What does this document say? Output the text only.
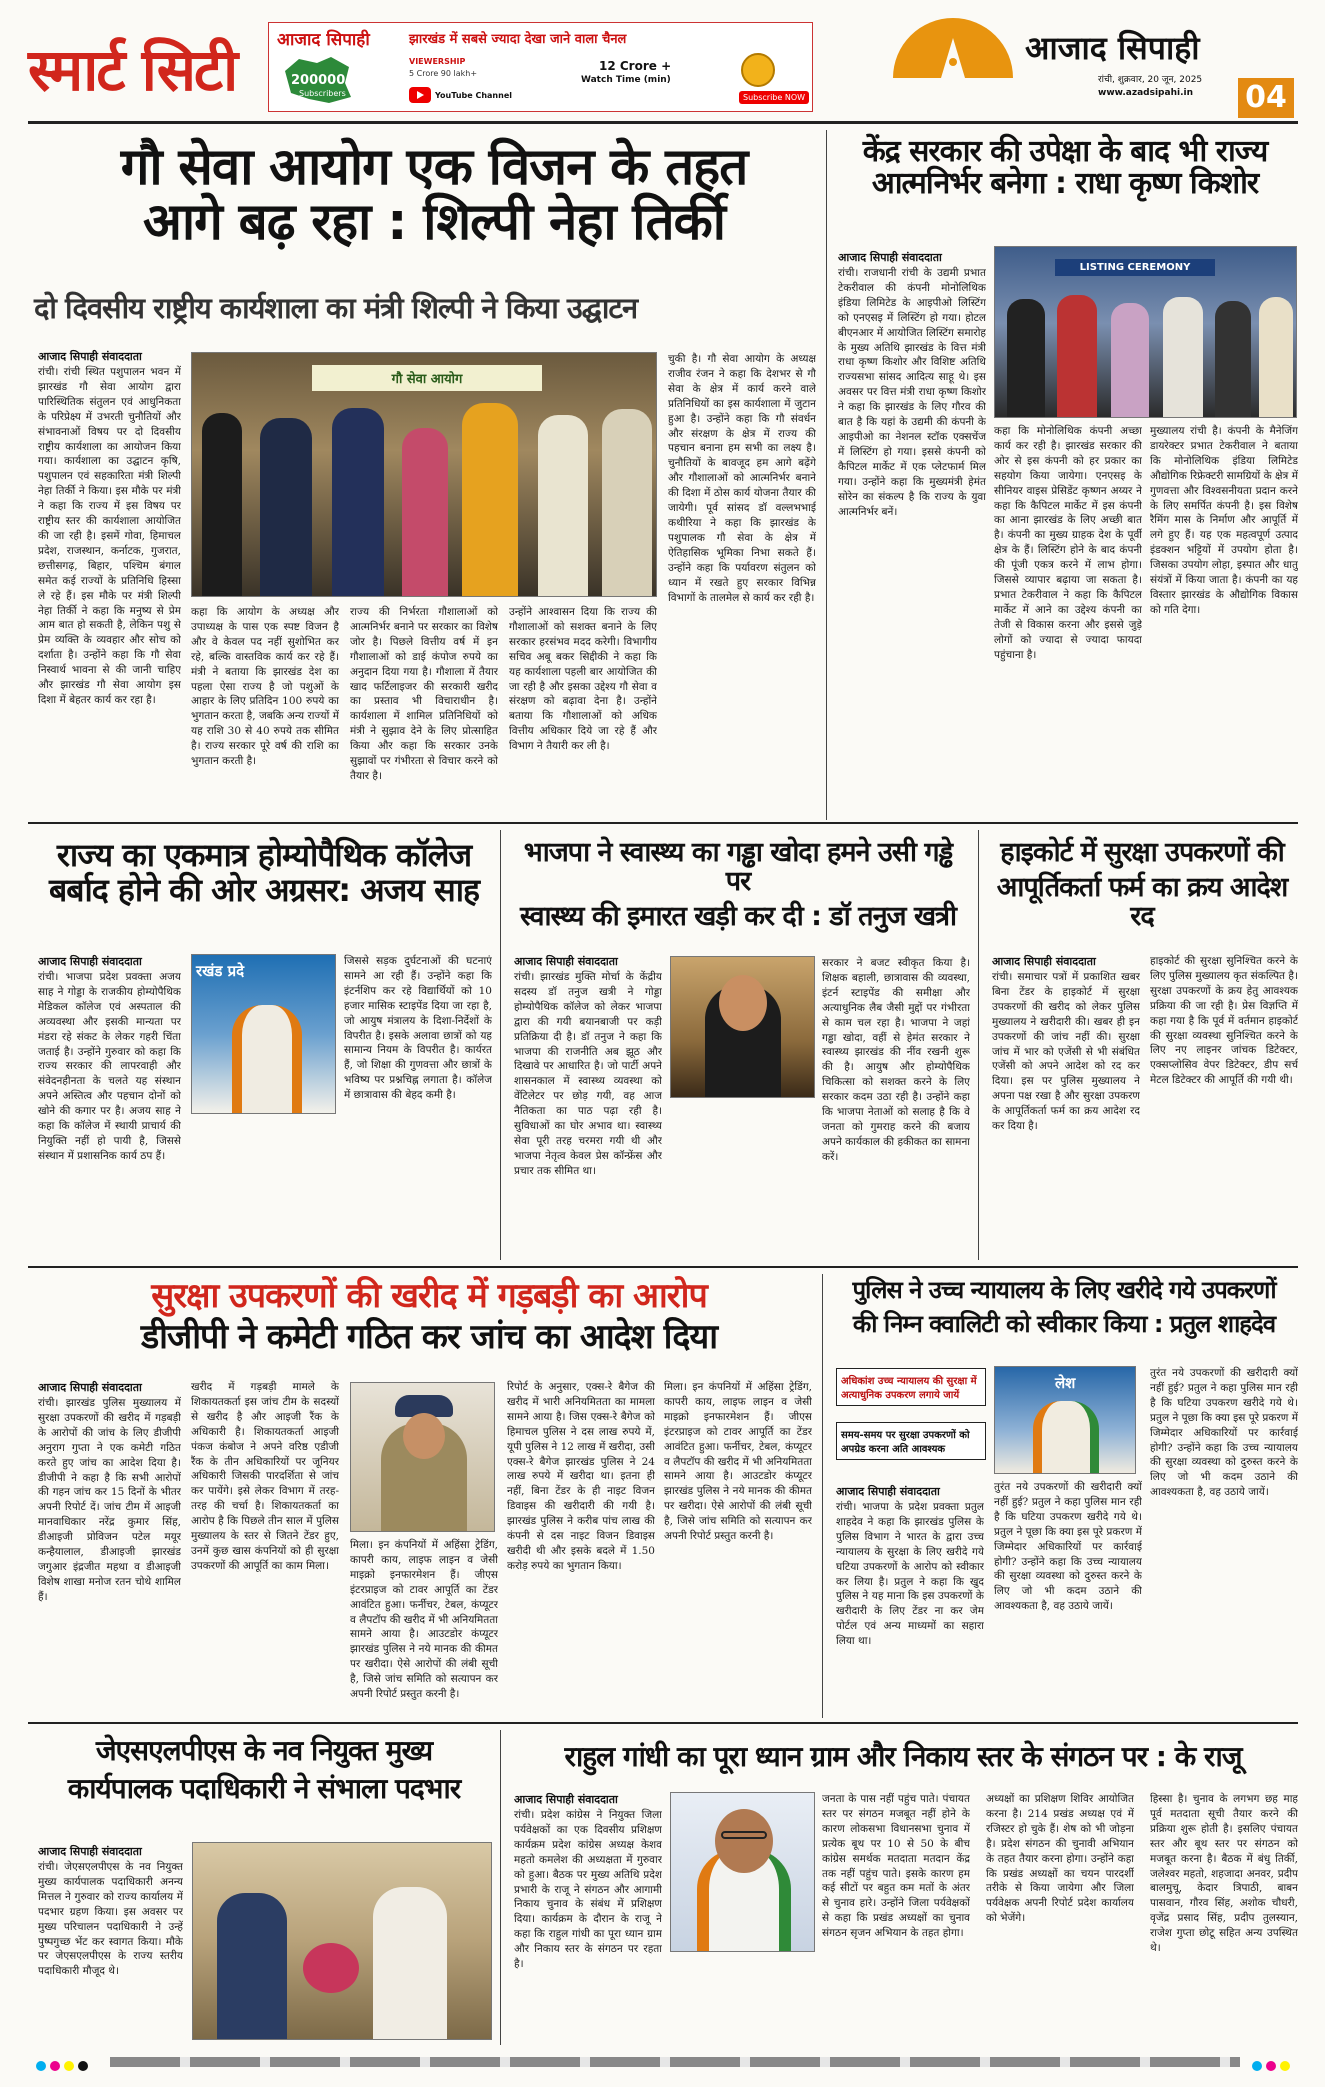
स्मार्ट सिटी आजाद सिपाही	झारखंड में सबसे ज्यादा देखा जाने वाला चैनल
200000
Subscribers
VIEWERSHIP
5 Crore 90 lakh+
YouTube Channel
12 Crore +
Watch Time (min)
Subscribe NOW
आजाद सिपाही
रांची, शुक्रवार, 20 जून, 2025
www.azadsipahi.in 04
गौ सेवा आयोग एक विजन के तहत
आगे बढ़ रहा : शिल्पी नेहा तिर्की
दो दिवसीय राष्ट्रीय कार्यशाला का मंत्री शिल्पी ने किया उद्घाटन
आजाद सिपाही संवाददाता
रांची। रांची स्थित पशुपालन भवन में झारखंड गौ सेवा आयोग द्वारा पारिस्थितिक संतुलन एवं आधुनिकता के परिप्रेक्ष्य में उभरती चुनौतियों और संभावनाओं विषय पर दो दिवसीय राष्ट्रीय कार्यशाला का आयोजन किया गया। कार्यशाला का उद्घाटन कृषि, पशुपालन एवं सहकारिता मंत्री शिल्पी नेहा तिर्की ने किया। इस मौके पर मंत्री ने कहा कि राज्य में इस विषय पर राष्ट्रीय स्तर की कार्यशाला आयोजित की जा रही है। इसमें गोवा, हिमाचल प्रदेश, राजस्थान, कर्नाटक, गुजरात, छत्तीसगढ़, बिहार, पश्चिम बंगाल समेत कई राज्यों के प्रतिनिधि हिस्सा ले रहे हैं। इस मौके पर मंत्री शिल्पी नेहा तिर्की ने कहा कि मनुष्य से प्रेम आम बात हो सकती है, लेकिन पशु से प्रेम व्यक्ति के व्यवहार और सोच को दर्शाता है। उन्होंने कहा कि गौ सेवा निस्वार्थ भावना से की जानी चाहिए और झारखंड गौ सेवा आयोग इस दिशा में बेहतर कार्य कर रहा है।
गौ सेवा आयोग
कहा कि आयोग के अध्यक्ष और उपाध्यक्ष के पास एक स्पष्ट विजन है और वे केवल पद नहीं सुशोभित कर रहे, बल्कि वास्तविक कार्य कर रहे हैं। मंत्री ने बताया कि झारखंड देश का पहला ऐसा राज्य है जो पशुओं के आहार के लिए प्रतिदिन 100 रुपये का भुगतान करता है, जबकि अन्य राज्यों में यह राशि 30 से 40 रुपये तक सीमित है। राज्य सरकार पूरे वर्ष की राशि का भुगतान करती है।
राज्य की निर्भरता गौशालाओं को आत्मनिर्भर बनाने पर सरकार का विशेष जोर है। पिछले वित्तीय वर्ष में इन गौशालाओं को डाई कंपोज रुपये का अनुदान दिया गया है। गौशाला में तैयार खाद फर्टिलाइजर की सरकारी खरीद का प्रस्ताव भी विचाराधीन है। कार्यशाला में शामिल प्रतिनिधियों को मंत्री ने सुझाव देने के लिए प्रोत्साहित किया और कहा कि सरकार उनके सुझावों पर गंभीरता से विचार करने को तैयार है।
उन्होंने आश्वासन दिया कि राज्य की गौशालाओं को सशक्त बनाने के लिए सरकार हरसंभव मदद करेगी। विभागीय सचिव अबू बकर सिद्दीकी ने कहा कि यह कार्यशाला पहली बार आयोजित की जा रही है और इसका उद्देश्य गौ सेवा व संरक्षण को बढ़ावा देना है। उन्होंने बताया कि गौशालाओं को अधिक वित्तीय अधिकार दिये जा रहे हैं और विभाग ने तैयारी कर ली है।
चुकी है। गौ सेवा आयोग के अध्यक्ष राजीव रंजन ने कहा कि देशभर से गौ सेवा के क्षेत्र में कार्य करने वाले प्रतिनिधियों का इस कार्यशाला में जुटान हुआ है। उन्होंने कहा कि गौ संवर्धन और संरक्षण के क्षेत्र में राज्य की पहचान बनाना हम सभी का लक्ष्य है। चुनौतियों के बावजूद हम आगे बढ़ेंगे और गौशालाओं को आत्मनिर्भर बनाने की दिशा में ठोस कार्य योजना तैयार की जायेगी। पूर्व सांसद डॉ वल्लभभाई कथीरिया ने कहा कि झारखंड के पशुपालक गौ सेवा के क्षेत्र में ऐतिहासिक भूमिका निभा सकते हैं। उन्होंने कहा कि पर्यावरण संतुलन को ध्यान में रखते हुए सरकार विभिन्न विभागों के तालमेल से कार्य कर रही है।
केंद्र सरकार की उपेक्षा के बाद भी राज्य
आत्मनिर्भर बनेगा : राधा कृष्ण किशोर
आजाद सिपाही संवाददाता
रांची। राजधानी रांची के उद्यमी प्रभात टेकरीवाल की कंपनी मोनोलिथिक इंडिया लिमिटेड के आइपीओ लिस्टिंग को एनएसइ में लिस्टिंग हो गया। होटल बीएनआर में आयोजित लिस्टिंग समारोह के मुख्य अतिथि झारखंड के वित्त मंत्री राधा कृष्ण किशोर और विशिष्ट अतिथि राज्यसभा सांसद आदित्य साहू थे। इस अवसर पर वित्त मंत्री राधा कृष्ण किशोर ने कहा कि झारखंड के लिए गौरव की बात है कि यहां के उद्यमी की कंपनी के आइपीओ का नेशनल स्टॉक एक्सचेंज में लिस्टिंग हो गया। इससे कंपनी को कैपिटल मार्केट में एक प्लेटफार्म मिल गया। उन्होंने कहा कि मुख्यमंत्री हेमंत सोरेन का संकल्प है कि राज्य के युवा आत्मनिर्भर बनें।
LISTING CEREMONY
कहा कि मोनोलिथिक कंपनी अच्छा कार्य कर रही है। झारखंड सरकार की ओर से इस कंपनी को हर प्रकार का सहयोग किया जायेगा। एनएसइ के सीनियर वाइस प्रेसिडेंट कृष्णन अय्यर ने कहा कि कैपिटल मार्केट में इस कंपनी का आना झारखंड के लिए अच्छी बात है। कंपनी का मुख्य ग्राहक देश के पूर्वी क्षेत्र के हैं। लिस्टिंग होने के बाद कंपनी की पूंजी एकत्र करने में लाभ होगा। जिससे व्यापार बढ़ाया जा सकता है। प्रभात टेकरीवाल ने कहा कि कैपिटल मार्केट में आने का उद्देश्य कंपनी का तेजी से विकास करना और इससे जुड़े लोगों को ज्यादा से ज्यादा फायदा पहुंचाना है।
मुख्यालय रांची है। कंपनी के मैनेजिंग डायरेक्टर प्रभात टेकरीवाल ने बताया कि मोनोलिथिक इंडिया लिमिटेड औद्योगिक रिफ्रेक्टरी सामग्रियों के क्षेत्र में गुणवत्ता और विश्वसनीयता प्रदान करने के लिए समर्पित कंपनी है। इस विशेष रैमिंग मास के निर्माण और आपूर्ति में लगे हुए हैं। यह एक महत्वपूर्ण उत्पाद इंडक्शन भट्टियों में उपयोग होता है। जिसका उपयोग लोहा, इस्पात और धातु संयंत्रों में किया जाता है। कंपनी का यह विस्तार झारखंड के औद्योगिक विकास को गति देगा।
राज्य का एकमात्र होम्योपैथिक कॉलेज
बर्बाद होने की ओर अग्रसर: अजय साह
आजाद सिपाही संवाददाता
रांची। भाजपा प्रदेश प्रवक्ता अजय साह ने गोड्डा के राजकीय होम्योपैथिक मेडिकल कॉलेज एवं अस्पताल की अव्यवस्था और इसकी मान्यता पर मंडरा रहे संकट के लेकर गहरी चिंता जताई है। उन्होंने गुरुवार को कहा कि राज्य सरकार की लापरवाही और संवेदनहीनता के चलते यह संस्थान अपने अस्तित्व और पहचान दोनों को खोने की कगार पर है। अजय साह ने कहा कि कॉलेज में स्थायी प्राचार्य की नियुक्ति नहीं हो पायी है, जिससे संस्थान में प्रशासनिक कार्य ठप हैं।
रखंड प्रदे
जिससे सड़क दुर्घटनाओं की घटनाएं सामने आ रही हैं। उन्होंने कहा कि इंटर्नशिप कर रहे विद्यार्थियों को 10 हजार मासिक स्टाइपेंड दिया जा रहा है, जो आयुष मंत्रालय के दिशा-निर्देशों के विपरीत है। इसके अलावा छात्रों को यह सामान्य नियम के विपरीत है। कार्यरत हैं, जो शिक्षा की गुणवत्ता और छात्रों के भविष्य पर प्रश्नचिह्न लगाता है। कॉलेज में छात्रावास की बेहद कमी है।
भाजपा ने स्वास्थ्य का गड्ढा खोदा हमने उसी गड्ढे पर
स्वास्थ्य की इमारत खड़ी कर दी : डॉ तनुज खत्री
आजाद सिपाही संवाददाता
रांची। झारखंड मुक्ति मोर्चा के केंद्रीय सदस्य डॉ तनुज खत्री ने गोड्डा होम्योपैथिक कॉलेज को लेकर भाजपा द्वारा की गयी बयानबाजी पर कड़ी प्रतिक्रिया दी है। डॉ तनुज ने कहा कि भाजपा की राजनीति अब झूठ और दिखावे पर आधारित है। जो पार्टी अपने शासनकाल में स्वास्थ्य व्यवस्था को वेंटिलेटर पर छोड़ गयी, वह आज नैतिकता का पाठ पढ़ा रही है। सुविधाओं का घोर अभाव था। स्वास्थ्य सेवा पूरी तरह चरमरा गयी थी और भाजपा नेतृत्व केवल प्रेस कॉन्फ्रेंस और प्रचार तक सीमित था।
सरकार ने बजट स्वीकृत किया है। शिक्षक बहाली, छात्रावास की व्यवस्था, इंटर्न स्टाइपेंड की समीक्षा और अत्याधुनिक लैब जैसी मुद्दों पर गंभीरता से काम चल रहा है। भाजपा ने जहां गड्ढा खोदा, वहीं से हेमंत सरकार ने स्वास्थ्य झारखंड की नींव रखनी शुरू की है। आयुष और होम्योपैथिक चिकित्सा को सशक्त करने के लिए सरकार कदम उठा रही है। उन्होंने कहा कि भाजपा नेताओं को सलाह है कि वे जनता को गुमराह करने की बजाय अपने कार्यकाल की हकीकत का सामना करें।
हाइकोर्ट में सुरक्षा उपकरणों की
आपूर्तिकर्ता फर्म का क्रय आदेश रद
आजाद सिपाही संवाददाता
रांची। समाचार पत्रों में प्रकाशित खबर बिना टेंडर के हाइकोर्ट में सुरक्षा उपकरणों की खरीद को लेकर पुलिस मुख्यालय ने खरीदारी की। खबर ही इन उपकरणों की जांच नहीं की। सुरक्षा जांच में भार को एजेंसी से भी संबंधित एजेंसी को अपने आदेश को रद कर दिया। इस पर पुलिस मुख्यालय ने अपना पक्ष रखा है और सुरक्षा उपकरण के आपूर्तिकर्ता फर्म का क्रय आदेश रद कर दिया है।
हाइकोर्ट की सुरक्षा सुनिश्चित करने के लिए पुलिस मुख्यालय कृत संकल्पित है। सुरक्षा उपकरणों के क्रय हेतु आवश्यक प्रक्रिया की जा रही है। प्रेस विज्ञप्ति में कहा गया है कि पूर्व में वर्तमान हाइकोर्ट की सुरक्षा व्यवस्था सुनिश्चित करने के लिए नए लाइनर जांचक डिटेक्टर, एक्सप्लोसिव वेपर डिटेक्टर, डीप सर्च मेटल डिटेक्टर की आपूर्ति की गयी थी।
सुरक्षा उपकरणों की खरीद में गड़बड़ी का आरोप
डीजीपी ने कमेटी गठित कर जांच का आदेश दिया
आजाद सिपाही संवाददाता
रांची। झारखंड पुलिस मुख्यालय में सुरक्षा उपकरणों की खरीद में गड़बड़ी के आरोपों की जांच के लिए डीजीपी अनुराग गुप्ता ने एक कमेटी गठित करते हुए जांच का आदेश दिया है। डीजीपी ने कहा है कि सभी आरोपों की गहन जांच कर 15 दिनों के भीतर अपनी रिपोर्ट दें। जांच टीम में आइजी मानवाधिकार नरेंद्र कुमार सिंह, डीआइजी प्रोविजन पटेल मयूर कन्हैयालाल, डीआइजी झारखंड जगुआर इंद्रजीत महथा व डीआइजी विशेष शाखा मनोज रतन चोथे शामिल हैं।
खरीद में गड़बड़ी मामले के शिकायतकर्ता इस जांच टीम के सदस्यों से खरीद है और आइजी रैंक के अधिकारी है। शिकायतकर्ता आइजी पंकज कंबोज ने अपने वरिष्ठ एडीजी रैंक के तीन अधिकारियों पर जूनियर अधिकारी जिसकी पारदर्शिता से जांच कर पायेंगे। इसे लेकर विभाग में तरह-तरह की चर्चा है। शिकायतकर्ता का आरोप है कि पिछले तीन साल में पुलिस मुख्यालय के स्तर से जितने टेंडर हुए, उनमें कुछ खास कंपनियों को ही सुरक्षा उपकरणों की आपूर्ति का काम मिला।
मिला। इन कंपनियों में अहिंसा ट्रेडिंग, कापरी काय, लाइफ लाइन व जेसी माइक्रो इनफारमेशन हैं। जीएस इंटरप्राइज को टावर आपूर्ति का टेंडर आवंटित हुआ। फर्नीचर, टेबल, कंप्यूटर व लैपटॉप की खरीद में भी अनियमितता सामने आया है। आउटडोर कंप्यूटर झारखंड पुलिस ने नये मानक की कीमत पर खरीदा। ऐसे आरोपों की लंबी सूची है, जिसे जांच समिति को सत्यापन कर अपनी रिपोर्ट प्रस्तुत करनी है।
रिपोर्ट के अनुसार, एक्स-रे बैगेज की खरीद में भारी अनियमितता का मामला सामने आया है। जिस एक्स-रे बैगेज को हिमाचल पुलिस ने दस लाख रुपये में, यूपी पुलिस ने 12 लाख में खरीदा, उसी एक्स-रे बैगेज झारखंड पुलिस ने 24 लाख रुपये में खरीदा था। इतना ही नहीं, बिना टेंडर के ही नाइट विजन डिवाइस की खरीदारी की गयी है। झारखंड पुलिस ने करीब पांच लाख की कंपनी से दस नाइट विजन डिवाइस खरीदी थी और इसके बदले में 1.50 करोड़ रुपये का भुगतान किया।
मिला। इन कंपनियों में अहिंसा ट्रेडिंग, कापरी काय, लाइफ लाइन व जेसी माइक्रो इनफारमेशन हैं। जीएस इंटरप्राइज को टावर आपूर्ति का टेंडर आवंटित हुआ। फर्नीचर, टेबल, कंप्यूटर व लैपटॉप की खरीद में भी अनियमितता सामने आया है। आउटडोर कंप्यूटर झारखंड पुलिस ने नये मानक की कीमत पर खरीदा। ऐसे आरोपों की लंबी सूची है, जिसे जांच समिति को सत्यापन कर अपनी रिपोर्ट प्रस्तुत करनी है।
पुलिस ने उच्च न्यायालय के लिए खरीदे गये उपकरणों
की निम्न क्वालिटी को स्वीकार किया : प्रतुल शाहदेव
अधिकांश उच्च न्यायालय की सुरक्षा में अत्याधुनिक उपकरण लगाये जायें
समय-समय पर सुरक्षा उपकरणों को अपग्रेड करना अति आवश्यक
लेश
आजाद सिपाही संवाददाता
रांची। भाजपा के प्रदेश प्रवक्ता प्रतुल शाहदेव ने कहा कि झारखंड पुलिस के पुलिस विभाग ने भारत के द्वारा उच्च न्यायालय के सुरक्षा के लिए खरीदे गये घटिया उपकरणों के आरोप को स्वीकार कर लिया है। प्रतुल ने कहा कि खुद पुलिस ने यह माना कि इस उपकरणों के खरीदारी के लिए टेंडर ना कर जेम पोर्टल एवं अन्य माध्यमों का सहारा लिया था।
तुरंत नये उपकरणों की खरीदारी क्यों नहीं हुई? प्रतुल ने कहा पुलिस मान रही है कि घटिया उपकरण खरीदे गये थे। प्रतुल ने पूछा कि क्या इस पूरे प्रकरण में जिम्मेदार अधिकारियों पर कार्रवाई होगी? उन्होंने कहा कि उच्च न्यायालय की सुरक्षा व्यवस्था को दुरुस्त करने के लिए जो भी कदम उठाने की आवश्यकता है, वह उठाये जायें।
तुरंत नये उपकरणों की खरीदारी क्यों नहीं हुई? प्रतुल ने कहा पुलिस मान रही है कि घटिया उपकरण खरीदे गये थे। प्रतुल ने पूछा कि क्या इस पूरे प्रकरण में जिम्मेदार अधिकारियों पर कार्रवाई होगी? उन्होंने कहा कि उच्च न्यायालय की सुरक्षा व्यवस्था को दुरुस्त करने के लिए जो भी कदम उठाने की आवश्यकता है, वह उठाये जायें।
जेएसएलपीएस के नव नियुक्त मुख्य
कार्यपालक पदाधिकारी ने संभाला पदभार
आजाद सिपाही संवाददाता
रांची। जेएसएलपीएस के नव नियुक्त मुख्य कार्यपालक पदाधिकारी अनन्य मित्तल ने गुरुवार को राज्य कार्यालय में पदभार ग्रहण किया। इस अवसर पर मुख्य परिचालन पदाधिकारी ने उन्हें पुष्पगुच्छ भेंट कर स्वागत किया। मौके पर जेएसएलपीएस के राज्य स्तरीय पदाधिकारी मौजूद थे।
राहुल गांधी का पूरा ध्यान ग्राम और निकाय स्तर के संगठन पर : के राजू
आजाद सिपाही संवाददाता
रांची। प्रदेश कांग्रेस ने नियुक्त जिला पर्यवेक्षकों का एक दिवसीय प्रशिक्षण कार्यक्रम प्रदेश कांग्रेस अध्यक्ष केशव महतो कमलेश की अध्यक्षता में गुरुवार को हुआ। बैठक पर मुख्य अतिथि प्रदेश प्रभारी के राजू ने संगठन और आगामी निकाय चुनाव के संबंध में प्रशिक्षण दिया। कार्यक्रम के दौरान के राजू ने कहा कि राहुल गांधी का पूरा ध्यान ग्राम और निकाय स्तर के संगठन पर रहता है।
जनता के पास नहीं पहुंच पाते। पंचायत स्तर पर संगठन मजबूत नहीं होने के कारण लोकसभा विधानसभा चुनाव में प्रत्येक बूथ पर 10 से 50 के बीच कांग्रेस समर्थक मतदाता मतदान केंद्र तक नहीं पहुंच पाते। इसके कारण हम कई सीटों पर बहुत कम मतों के अंतर से चुनाव हारे। उन्होंने जिला पर्यवेक्षकों से कहा कि प्रखंड अध्यक्षों का चुनाव संगठन सृजन अभियान के तहत होगा।
अध्यक्षों का प्रशिक्षण शिविर आयोजित करना है। 214 प्रखंड अध्यक्ष एवं में रजिस्टर हो चुके हैं। शेष को भी जोड़ना है। प्रदेश संगठन की चुनावी अभियान के तहत तैयार करना होगा। उन्होंने कहा कि प्रखंड अध्यक्षों का चयन पारदर्शी तरीके से किया जायेगा और जिला पर्यवेक्षक अपनी रिपोर्ट प्रदेश कार्यालय को भेजेंगे।
हिस्सा है। चुनाव के लगभग छह माह पूर्व मतदाता सूची तैयार करने की प्रक्रिया शुरू होती है। इसलिए पंचायत स्तर और बूथ स्तर पर संगठन को मजबूत करना है। बैठक में बंधु तिर्की, जलेश्वर महतो, शहजादा अनवर, प्रदीप बालमुचू, केदार त्रिपाठी, बाबन पासवान, गौरव सिंह, अशोक चौधरी, वृजेंद्र प्रसाद सिंह, प्रदीप तुलस्यान, राजेश गुप्ता छोटू सहित अन्य उपस्थित थे।
